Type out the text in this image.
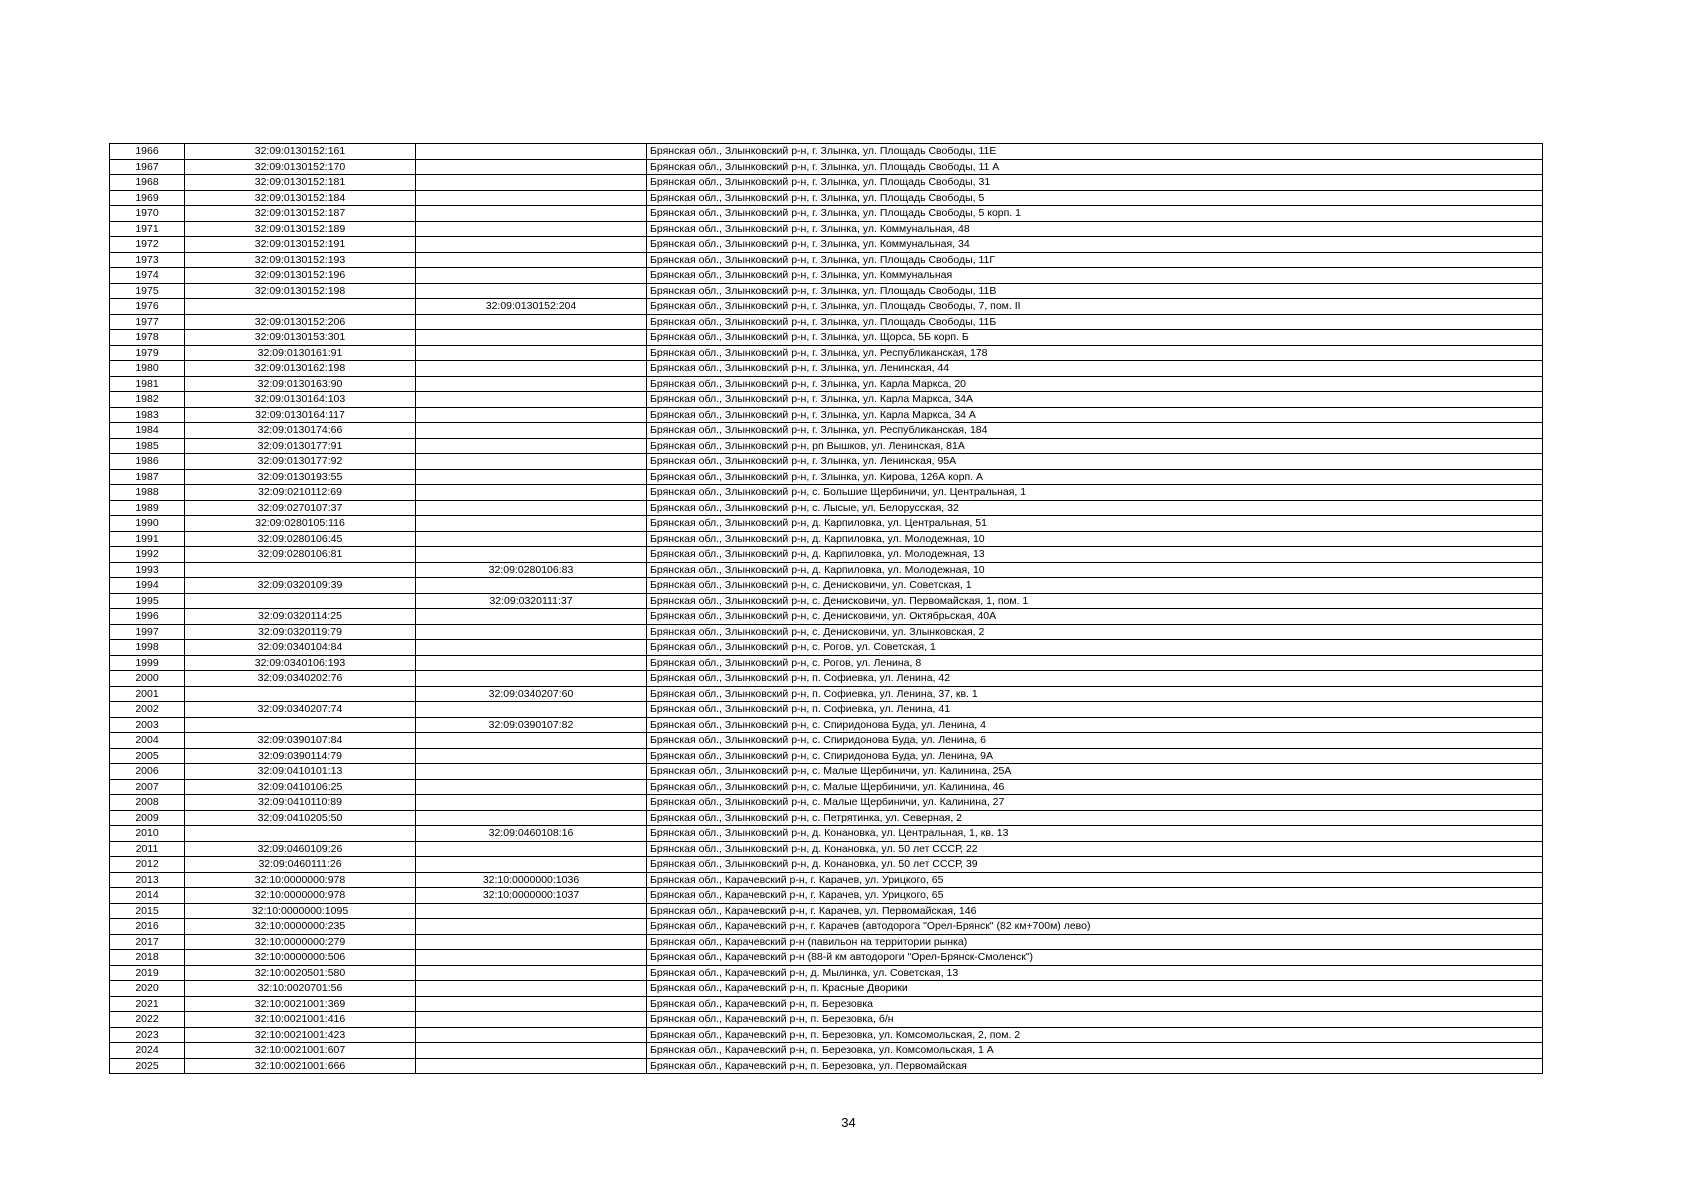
1966	32:09:0130152:161		Брянская обл., Злынковский р-н, г. Злынка, ул. Площадь Свободы, 11Е
1967	32:09:0130152:170		Брянская обл., Злынковский р-н, г. Злынка, ул. Площадь Свободы, 11 А
1968	32:09:0130152:181		Брянская обл., Злынковский р-н, г. Злынка, ул. Площадь Свободы, 31
1969	32:09:0130152:184		Брянская обл., Злынковский р-н, г. Злынка, ул. Площадь Свободы, 5
1970	32:09:0130152:187		Брянская обл., Злынковский р-н, г. Злынка, ул. Площадь Свободы, 5 корп. 1
1971	32:09:0130152:189		Брянская обл., Злынковский р-н, г. Злынка, ул. Коммунальная, 48
1972	32:09:0130152:191		Брянская обл., Злынковский р-н, г. Злынка, ул. Коммунальная, 34
1973	32:09:0130152:193		Брянская обл., Злынковский р-н, г. Злынка, ул. Площадь Свободы, 11Г
1974	32:09:0130152:196		Брянская обл., Злынковский р-н, г. Злынка, ул. Коммунальная
1975	32:09:0130152:198		Брянская обл., Злынковский р-н, г. Злынка, ул. Площадь Свободы, 11В
1976		32:09:0130152:204	Брянская обл., Злынковский р-н, г. Злынка, ул. Площадь Свободы, 7, пом. II
1977	32:09:0130152:206		Брянская обл., Злынковский р-н, г. Злынка, ул. Площадь Свободы, 11Б
1978	32:09:0130153:301		Брянская обл., Злынковский р-н, г. Злынка, ул. Щорса, 5Б корп. Б
1979	32:09:0130161:91		Брянская обл., Злынковский р-н, г. Злынка, ул. Республиканская, 178
1980	32:09:0130162:198		Брянская обл., Злынковский р-н, г. Злынка, ул. Ленинская, 44
1981	32:09:0130163:90		Брянская обл., Злынковский р-н, г. Злынка, ул. Карла Маркса, 20
1982	32:09:0130164:103		Брянская обл., Злынковский р-н, г. Злынка, ул. Карла Маркса, 34А
1983	32:09:0130164:117		Брянская обл., Злынковский р-н, г. Злынка, ул. Карла Маркса, 34 А
1984	32:09:0130174:66		Брянская обл., Злынковский р-н, г. Злынка, ул. Республиканская, 184
1985	32:09:0130177:91		Брянская обл., Злынковский р-н, рп Вышков, ул. Ленинская, 81А
1986	32:09:0130177:92		Брянская обл., Злынковский р-н, г. Злынка, ул. Ленинская, 95А
1987	32:09:0130193:55		Брянская обл., Злынковский р-н, г. Злынка, ул. Кирова, 126А корп. А
1988	32:09:0210112:69		Брянская обл., Злынковский р-н, с. Большие Щербиничи, ул. Центральная, 1
1989	32:09:0270107:37		Брянская обл., Злынковский р-н, с. Лысые, ул. Белорусская, 32
1990	32:09:0280105:116		Брянская обл., Злынковский р-н, д. Карпиловка, ул. Центральная, 51
1991	32:09:0280106:45		Брянская обл., Злынковский р-н, д. Карпиловка, ул. Молодежная, 10
1992	32:09:0280106:81		Брянская обл., Злынковский р-н, д. Карпиловка, ул. Молодежная, 13
1993		32:09:0280106:83	Брянская обл., Злынковский р-н, д. Карпиловка, ул. Молодежная, 10
1994	32:09:0320109:39		Брянская обл., Злынковский р-н, с. Денисковичи, ул. Советская, 1
1995		32:09:0320111:37	Брянская обл., Злынковский р-н, с. Денисковичи, ул. Первомайская, 1, пом. 1
1996	32:09:0320114:25		Брянская обл., Злынковский р-н, с. Денисковичи, ул. Октябрьская, 40А
1997	32:09:0320119:79		Брянская обл., Злынковский р-н, с. Денисковичи, ул. Злынковская, 2
1998	32:09:0340104:84		Брянская обл., Злынковский р-н, с. Рогов, ул. Советская, 1
1999	32:09:0340106:193		Брянская обл., Злынковский р-н, с. Рогов, ул. Ленина, 8
2000	32:09:0340202:76		Брянская обл., Злынковский р-н, п. Софиевка, ул. Ленина, 42
2001		32:09:0340207:60	Брянская обл., Злынковский р-н, п. Софиевка, ул. Ленина, 37, кв. 1
2002	32:09:0340207:74		Брянская обл., Злынковский р-н, п. Софиевка, ул. Ленина, 41
2003		32:09:0390107:82	Брянская обл., Злынковский р-н, с. Спиридонова Буда, ул. Ленина, 4
2004	32:09:0390107:84		Брянская обл., Злынковский р-н, с. Спиридонова Буда, ул. Ленина, 6
2005	32:09:0390114:79		Брянская обл., Злынковский р-н, с. Спиридонова Буда, ул. Ленина, 9А
2006	32:09:0410101:13		Брянская обл., Злынковский р-н, с. Малые Щербиничи, ул. Калинина, 25А
2007	32:09:0410106:25		Брянская обл., Злынковский р-н, с. Малые Щербиничи, ул. Калинина, 46
2008	32:09:0410110:89		Брянская обл., Злынковский р-н, с. Малые Щербиничи, ул. Калинина, 27
2009	32:09:0410205:50		Брянская обл., Злынковский р-н, с. Петрятинка, ул. Северная, 2
2010		32:09:0460108:16	Брянская обл., Злынковский р-н, д. Конановка, ул. Центральная, 1, кв. 13
2011	32:09:0460109:26		Брянская обл., Злынковский р-н, д. Конановка, ул. 50 лет СССР, 22
2012	32:09:0460111:26		Брянская обл., Злынковский р-н, д. Конановка, ул. 50 лет СССР, 39
2013	32:10:0000000:978	32:10:0000000:1036	Брянская обл., Карачевский р-н, г. Карачев, ул. Урицкого, 65
2014	32:10:0000000:978	32:10:0000000:1037	Брянская обл., Карачевский р-н, г. Карачев, ул. Урицкого, 65
2015	32:10:0000000:1095		Брянская обл., Карачевский р-н, г. Карачев, ул. Первомайская, 146
2016	32:10:0000000:235		Брянская обл., Карачевский р-н, г. Карачев (автодорога "Орел-Брянск" (82 км+700м) лево)
2017	32:10:0000000:279		Брянская обл., Карачевский р-н (павильон на территории рынка)
2018	32:10:0000000:506		Брянская обл., Карачевский р-н (88-й км автодороги "Орел-Брянск-Смоленск")
2019	32:10:0020501:580		Брянская обл., Карачевский р-н, д. Мылинка, ул. Советская, 13
2020	32:10:0020701:56		Брянская обл., Карачевский р-н, п. Красные Дворики
2021	32:10:0021001:369		Брянская обл., Карачевский р-н, п. Березовка
2022	32:10:0021001:416		Брянская обл., Карачевский р-н, п. Березовка, б/н
2023	32:10:0021001:423		Брянская обл., Карачевский р-н, п. Березовка, ул. Комсомольская, 2, пом. 2
2024	32:10:0021001:607		Брянская обл., Карачевский р-н, п. Березовка, ул. Комсомольская, 1 А
2025	32:10:0021001:666		Брянская обл., Карачевский р-н, п. Березовка, ул. Первомайская
34
